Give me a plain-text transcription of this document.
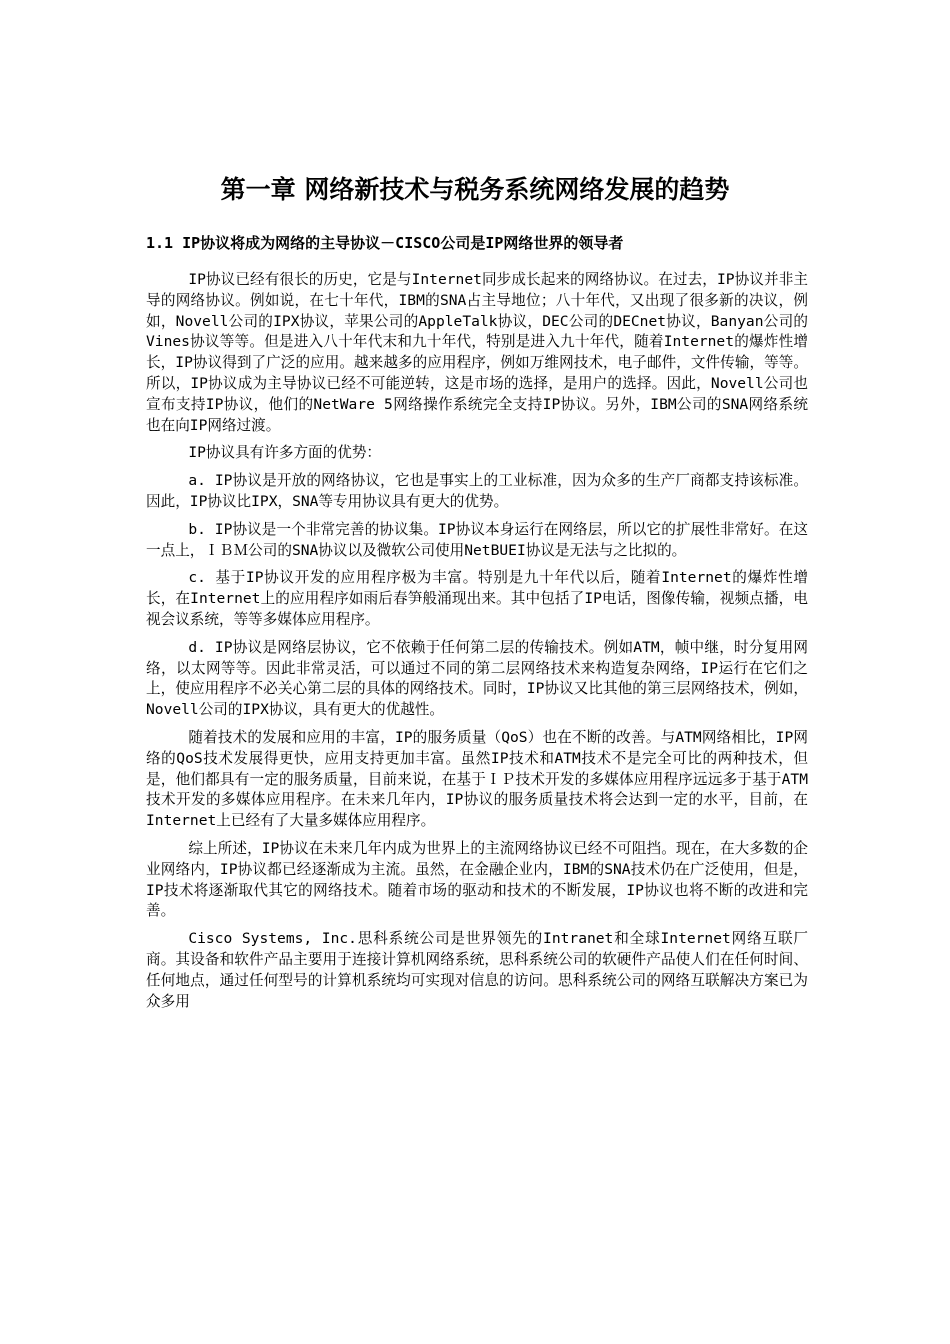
第一章 网络新技术与税务系统网络发展的趋势
1.1 IP协议将成为网络的主导协议－CISCO公司是IP网络世界的领导者

IP协议已经有很长的历史，它是与Internet同步成长起来的网络协议。在过去，IP协议并非主导的网络协议。例如说，在七十年代，IBM的SNA占主导地位；八十年代，又出现了很多新的决议，例如，Novell公司的IPX协议，苹果公司的AppleTalk协议，DEC公司的DECnet协议，Banyan公司的Vines协议等等。但是进入八十年代末和九十年代，特别是进入九十年代，随着Internet的爆炸性增长，IP协议得到了广泛的应用。越来越多的应用程序，例如万维网技术，电子邮件，文件传输，等等。所以，IP协议成为主导协议已经不可能逆转，这是市场的选择，是用户的选择。因此，Novell公司也宣布支持IP协议，他们的NetWare 5网络操作系统完全支持IP协议。另外，IBM公司的SNA网络系统也在向IP网络过渡。

IP协议具有许多方面的优势：

a. IP协议是开放的网络协议，它也是事实上的工业标准，因为众多的生产厂商都支持该标准。因此，IP协议比IPX，SNA等专用协议具有更大的优势。

b. IP协议是一个非常完善的协议集。IP协议本身运行在网络层，所以它的扩展性非常好。在这一点上，ＩＢＭ公司的SNA协议以及微软公司使用NetBUEI协议是无法与之比拟的。

c. 基于IP协议开发的应用程序极为丰富。特别是九十年代以后，随着Internet的爆炸性增长，在Internet上的应用程序如雨后春笋般涌现出来。其中包括了IP电话，图像传输，视频点播，电视会议系统，等等多媒体应用程序。

d. IP协议是网络层协议，它不依赖于任何第二层的传输技术。例如ATM，帧中继，时分复用网络，以太网等等。因此非常灵活，可以通过不同的第二层网络技术来构造复杂网络，IP运行在它们之上，使应用程序不必关心第二层的具体的网络技术。同时，IP协议又比其他的第三层网络技术，例如，Novell公司的IPX协议，具有更大的优越性。

随着技术的发展和应用的丰富，IP的服务质量（QoS）也在不断的改善。与ATM网络相比，IP网络的QoS技术发展得更快，应用支持更加丰富。虽然IP技术和ATM技术不是完全可比的两种技术，但是，他们都具有一定的服务质量，目前来说，在基于ＩＰ技术开发的多媒体应用程序远远多于基于ATM技术开发的多媒体应用程序。在未来几年内，IP协议的服务质量技术将会达到一定的水平，目前，在Internet上已经有了大量多媒体应用程序。

综上所述，IP协议在未来几年内成为世界上的主流网络协议已经不可阻挡。现在，在大多数的企业网络内，IP协议都已经逐渐成为主流。虽然，在金融企业内，IBM的SNA技术仍在广泛使用，但是，IP技术将逐渐取代其它的网络技术。随着市场的驱动和技术的不断发展，IP协议也将不断的改进和完善。

Cisco Systems, Inc.思科系统公司是世界领先的Intranet和全球Internet网络互联厂商。其设备和软件产品主要用于连接计算机网络系统，思科系统公司的软硬件产品使人们在任何时间、任何地点，通过任何型号的计算机系统均可实现对信息的访问。思科系统公司的网络互联解决方案已为众多用
